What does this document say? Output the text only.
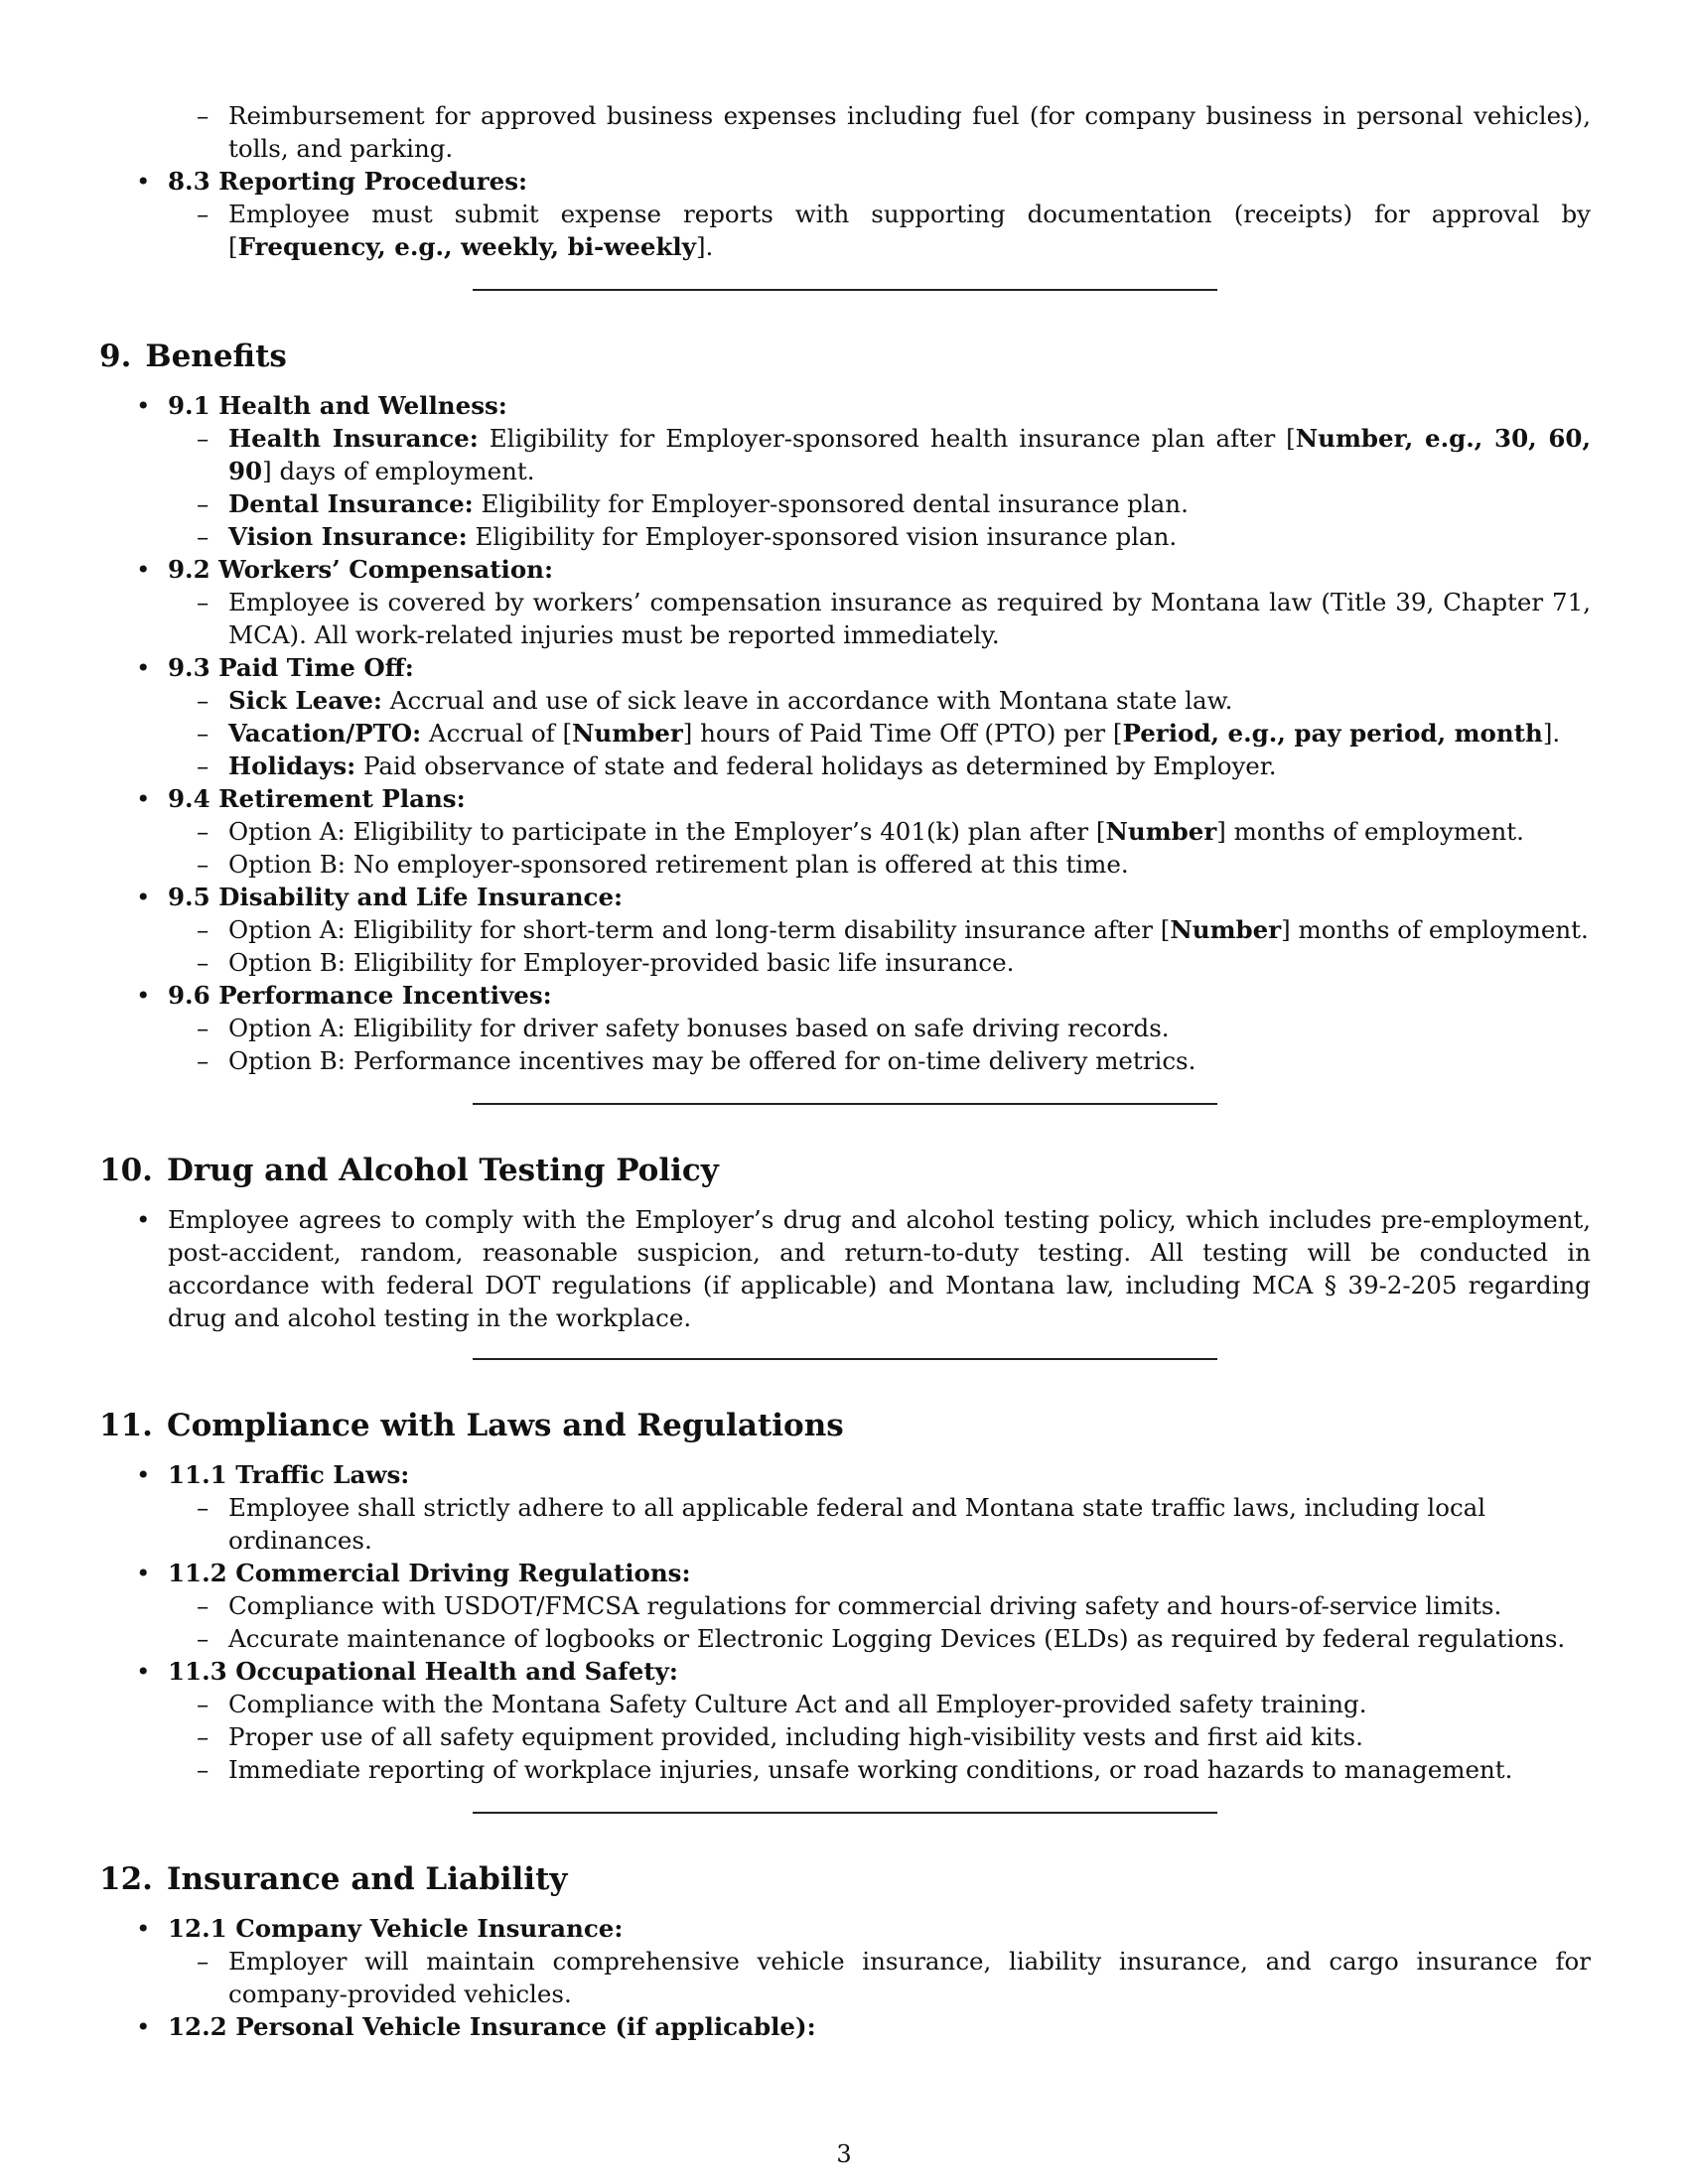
– Reimbursement for approved business expenses including fuel (for company business in personal vehicles), tolls, and parking.
• 8.3 Reporting Procedures:
– Employee must submit expense reports with supporting documentation (receipts) for approval by [Frequency, e.g., weekly, bi-weekly].
9. Benefits
• 9.1 Health and Wellness:
– Health Insurance: Eligibility for Employer-sponsored health insurance plan after [Number, e.g., 30, 60, 90] days of employment.
– Dental Insurance: Eligibility for Employer-sponsored dental insurance plan.
– Vision Insurance: Eligibility for Employer-sponsored vision insurance plan.
• 9.2 Workers’ Compensation:
– Employee is covered by workers’ compensation insurance as required by Montana law (Title 39, Chapter 71, MCA). All work-related injuries must be reported immediately.
• 9.3 Paid Time Off:
– Sick Leave: Accrual and use of sick leave in accordance with Montana state law.
– Vacation/PTO: Accrual of [Number] hours of Paid Time Off (PTO) per [Period, e.g., pay period, month].
– Holidays: Paid observance of state and federal holidays as determined by Employer.
• 9.4 Retirement Plans:
– Option A: Eligibility to participate in the Employer’s 401(k) plan after [Number] months of employment.
– Option B: No employer-sponsored retirement plan is offered at this time.
• 9.5 Disability and Life Insurance:
– Option A: Eligibility for short-term and long-term disability insurance after [Number] months of employment.
– Option B: Eligibility for Employer-provided basic life insurance.
• 9.6 Performance Incentives:
– Option A: Eligibility for driver safety bonuses based on safe driving records.
– Option B: Performance incentives may be offered for on-time delivery metrics.
10. Drug and Alcohol Testing Policy
• Employee agrees to comply with the Employer’s drug and alcohol testing policy, which includes pre-employment, post-accident, random, reasonable suspicion, and return-to-duty testing. All testing will be conducted in accordance with federal DOT regulations (if applicable) and Montana law, including MCA § 39-2-205 regarding drug and alcohol testing in the workplace.
11. Compliance with Laws and Regulations
• 11.1 Traffic Laws:
– Employee shall strictly adhere to all applicable federal and Montana state traffic laws, including local ordinances.
• 11.2 Commercial Driving Regulations:
– Compliance with USDOT/FMCSA regulations for commercial driving safety and hours-of-service limits.
– Accurate maintenance of logbooks or Electronic Logging Devices (ELDs) as required by federal regulations.
• 11.3 Occupational Health and Safety:
– Compliance with the Montana Safety Culture Act and all Employer-provided safety training.
– Proper use of all safety equipment provided, including high-visibility vests and first aid kits.
– Immediate reporting of workplace injuries, unsafe working conditions, or road hazards to management.
12. Insurance and Liability
• 12.1 Company Vehicle Insurance:
– Employer will maintain comprehensive vehicle insurance, liability insurance, and cargo insurance for company-provided vehicles.
• 12.2 Personal Vehicle Insurance (if applicable):
3
